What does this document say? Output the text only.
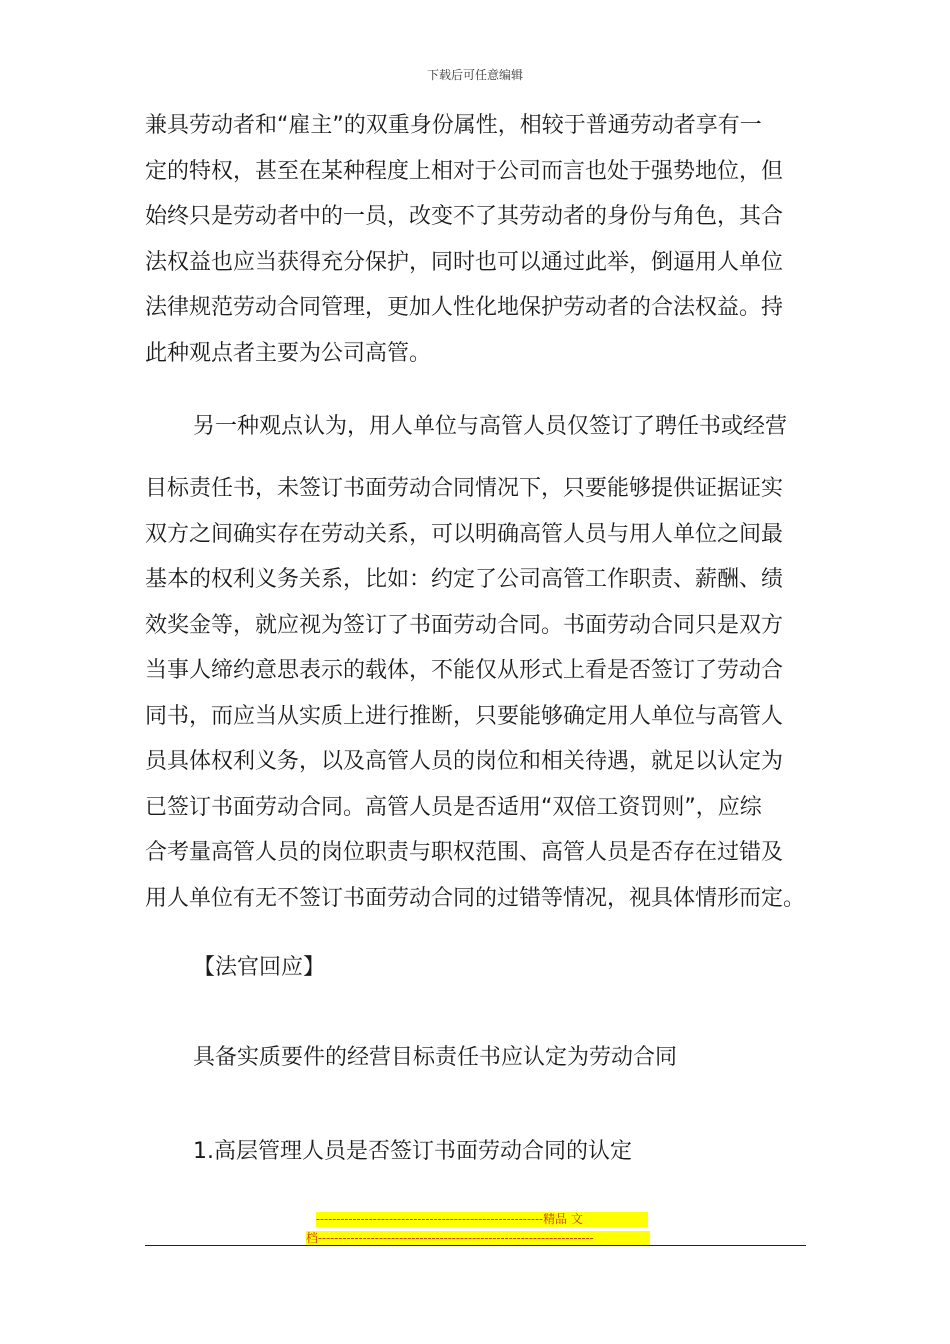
下载后可任意编辑
兼具劳动者和“雇主”的双重身份属性，相较于普通劳动者享有一
定的特权，甚至在某种程度上相对于公司而言也处于强势地位，但
始终只是劳动者中的一员，改变不了其劳动者的身份与角色，其合
法权益也应当获得充分保护，同时也可以通过此举，倒逼用人单位
法律规范劳动合同管理，更加人性化地保护劳动者的合法权益。持
此种观点者主要为公司高管。
另一种观点认为，用人单位与高管人员仅签订了聘任书或经营
目标责任书，未签订书面劳动合同情况下，只要能够提供证据证实
双方之间确实存在劳动关系，可以明确高管人员与用人单位之间最
基本的权利义务关系，比如：约定了公司高管工作职责、薪酬、绩
效奖金等，就应视为签订了书面劳动合同。书面劳动合同只是双方
当事人缔约意思表示的载体，不能仅从形式上看是否签订了劳动合
同书，而应当从实质上进行推断，只要能够确定用人单位与高管人
员具体权利义务，以及高管人员的岗位和相关待遇，就足以认定为
已签订书面劳动合同。高管人员是否适用“双倍工资罚则”，应综
合考量高管人员的岗位职责与职权范围、高管人员是否存在过错及
用人单位有无不签订书面劳动合同的过错等情况，视具体情形而定。
【法官回应】
具备实质要件的经营目标责任书应认定为劳动合同
1.高层管理人员是否签订书面劳动合同的认定
--------------------------------------------------------精品 文
档--------------------------------------------------------------------
